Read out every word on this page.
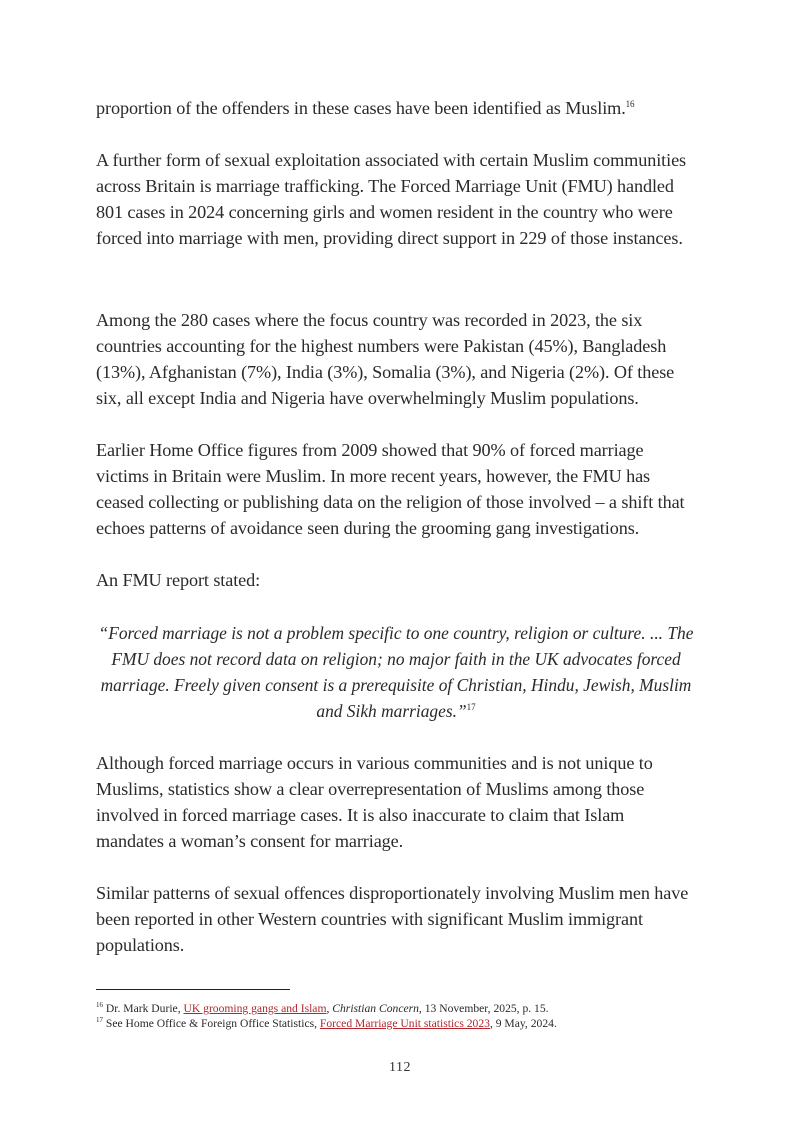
proportion of the offenders in these cases have been identified as Muslim.$^{16}$

A further form of sexual exploitation associated with certain Muslim communities across Britain is marriage trafficking. The Forced Marriage Unit (FMU) handled 801 cases in 2024 concerning girls and women resident in the country who were forced into marriage with men, providing direct support in 229 of those instances.

Among the 280 cases where the focus country was recorded in 2023, the six countries accounting for the highest numbers were Pakistan (45%), Bangladesh (13%), Afghanistan (7%), India (3%), Somalia (3%), and Nigeria (2%). Of these six, all except India and Nigeria have overwhelmingly Muslim populations.

Earlier Home Office figures from 2009 showed that 90% of forced marriage victims in Britain were Muslim. In more recent years, however, the FMU has ceased collecting or publishing data on the religion of those involved – a shift that echoes patterns of avoidance seen during the grooming gang investigations.

An FMU report stated:

“Forced marriage is not a problem specific to one country, religion or culture. ... The FMU does not record data on religion; no major faith in the UK advocates forced marriage. Freely given consent is a prerequisite of Christian, Hindu, Jewish, Muslim and Sikh marriages.”$^{17}$

Although forced marriage occurs in various communities and is not unique to Muslims, statistics show a clear overrepresentation of Muslims among those involved in forced marriage cases. It is also inaccurate to claim that Islam mandates a woman’s consent for marriage.

Similar patterns of sexual offences disproportionately involving Muslim men have been reported in other Western countries with significant Muslim immigrant populations.

$^{16}$ Dr. Mark Durie, UK grooming gangs and Islam, Christian Concern, 13 November, 2025, p. 15.

$^{17}$ See Home Office & Foreign Office Statistics, Forced Marriage Unit statistics 2023, 9 May, 2024.

112
